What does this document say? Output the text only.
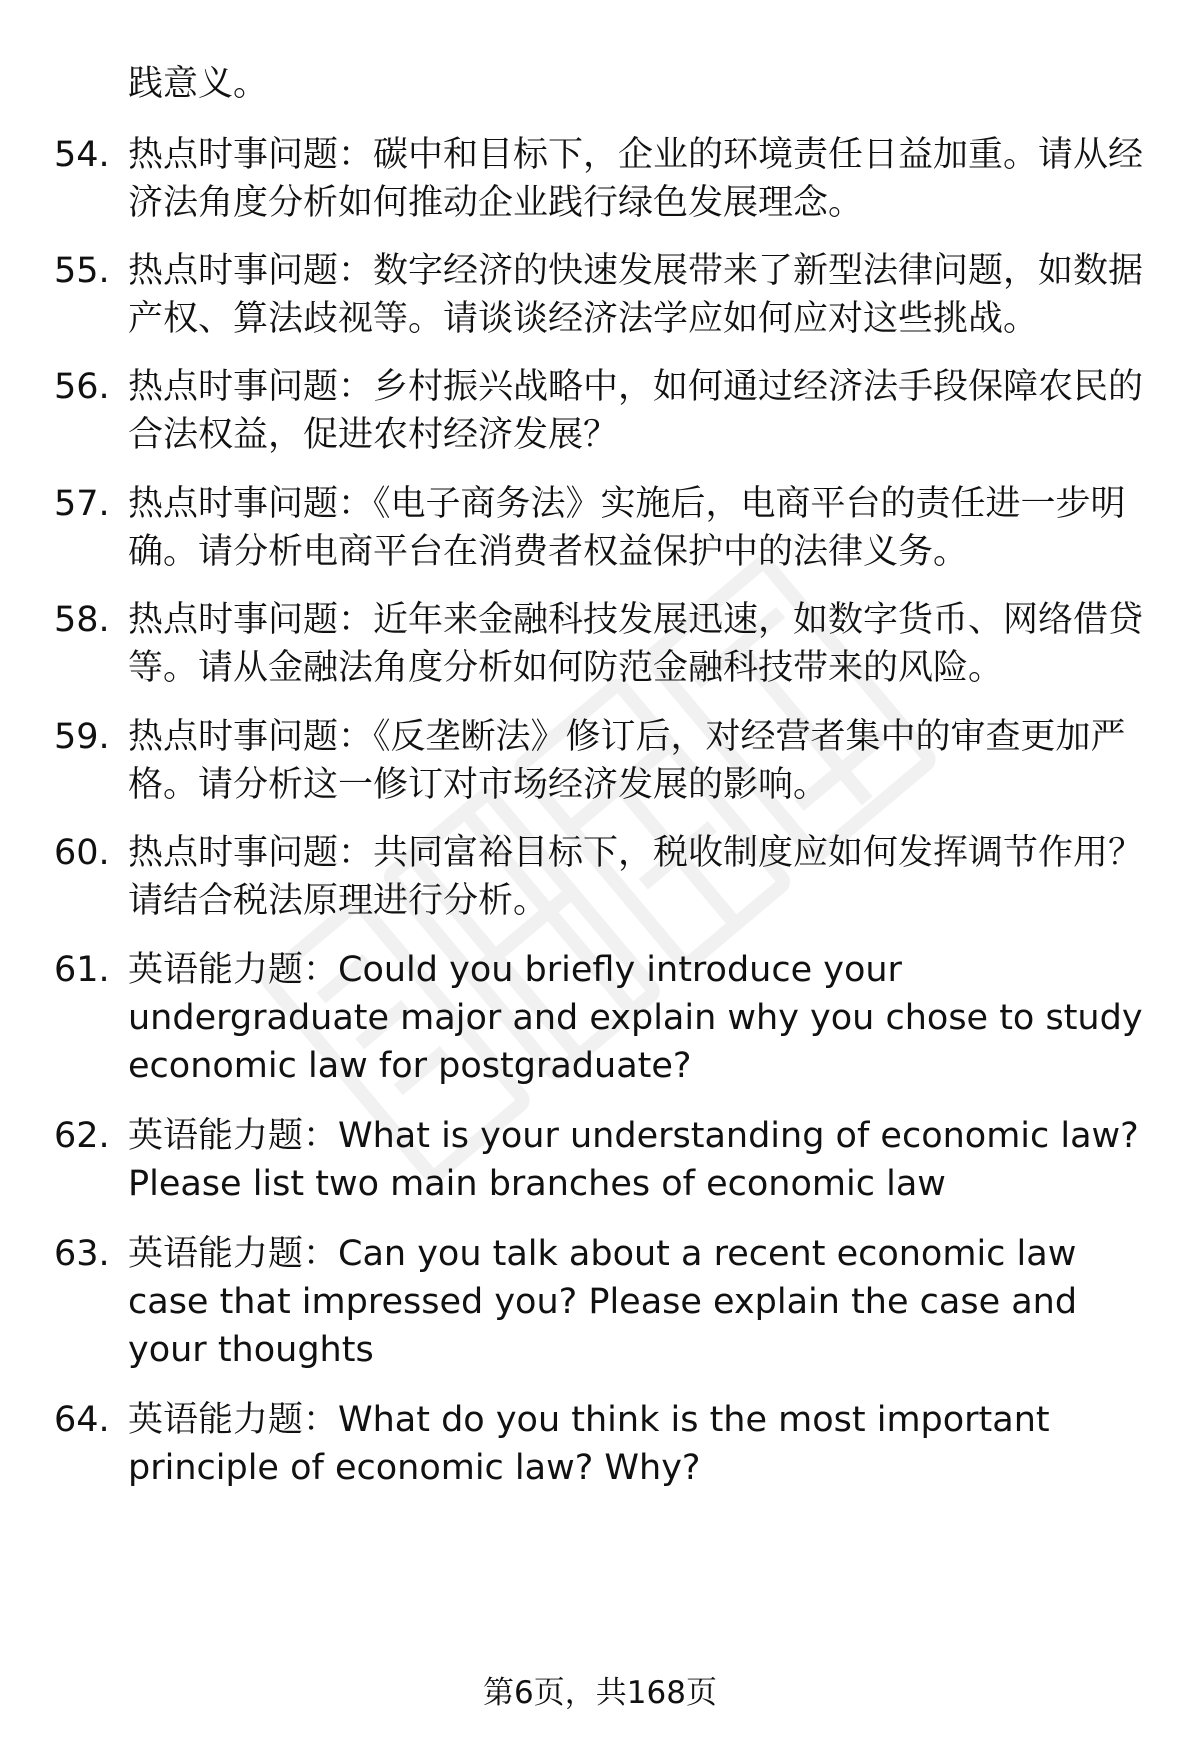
践意义。
54. 热点时事问题：碳中和目标下，企业的环境责任日益加重。请从经济法角度分析如何推动企业践行绿色发展理念。
55. 热点时事问题：数字经济的快速发展带来了新型法律问题，如数据产权、算法歧视等。请谈谈经济法学应如何应对这些挑战。
56. 热点时事问题：乡村振兴战略中，如何通过经济法手段保障农民的合法权益，促进农村经济发展？
57. 热点时事问题：《电子商务法》实施后，电商平台的责任进一步明确。请分析电商平台在消费者权益保护中的法律义务。
58. 热点时事问题：近年来金融科技发展迅速，如数字货币、网络借贷等。请从金融法角度分析如何防范金融科技带来的风险。
59. 热点时事问题：《反垄断法》修订后，对经营者集中的审查更加严格。请分析这一修订对市场经济发展的影响。
60. 热点时事问题：共同富裕目标下，税收制度应如何发挥调节作用？请结合税法原理进行分析。
61. 英语能力题：Could you briefly introduce your undergraduate major and explain why you chose to study economic law for postgraduate?
62. 英语能力题：What is your understanding of economic law? Please list two main branches of economic law
63. 英语能力题：Can you talk about a recent economic law case that impressed you? Please explain the case and your thoughts
64. 英语能力题：What do you think is the most important principle of economic law? Why?
第6页，共168页
